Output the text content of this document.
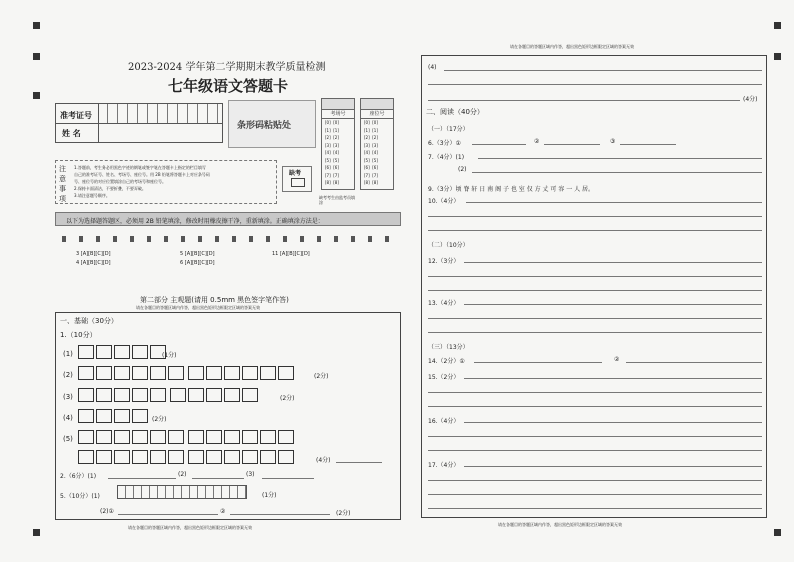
2023-2024 学年第二学期期末教学质量检测
七年级语文答题卡
准考证号
姓 名
条形码粘贴处
考场号
[0]  [0]
[1]  [1]
[2]  [2]
[3]  [3]
[4]  [4]
[5]  [5]
[6]  [6]
[7]  [7]
[8]  [8]
座位号
[0]  [0]
[1]  [1]
[2]  [2]
[3]  [3]
[4]  [4]
[5]  [5]
[6]  [6]
[7]  [7]
[8]  [8]
缺考
缺考考生由监考员填涂
注意事项
1.答题前，考生务必用黑色字迹的钢笔或签字笔在答题卡上指定的栏目填写
自己的准考证号、姓名、考场号、座位号。用 2B 铅笔将答题卡上对应条号码
号、座位号的对应位置填涂自己的考场号和座位号。
2.保持卡面清洁，不要折叠，不要弄破。
3.请注意题号顺序。
以下为选择题答题区，必须用 2B 铅笔填涂，修改时用橡皮擦干净，重新填涂。正确填涂方法是：
3 [A][B][C][D]
4 [A][B][C][D]
5 [A][B][C][D]
6 [A][B][C][D]
11 [A][B][C][D]
第二部分 主观题(请用 0.5mm 黑色签字笔作答)
请在各题目的答题区域内作答，超出黑色矩形边框限定区域的答案无效
一、基础（30分）
1.（10分）
(1)	(1分)
(2)
	(2分)
(3)
	(2分)
(4)	(2分)
(5)

(4分)
2.（6分）(1)	(2)	(3)
5.（10分）(1)	(1分)
(2)①	②	(2分)
请在各题目的答题区域内作答，超出黑色矩形边框限定区域的答案无效
请在各题目的答题区域内作答，超出黑色矩形边框限定区域的答案无效
(4)
(4分)
二、阅读（40分）
（一）（17分）
6.（3分）①	②	③
7.（4分）(1)
(2)
9.（3分）顷 脊 轩 日 南 阁 子 也 室 仅 方 丈 可 容 一 人 居。
10.（4分）
（二）（10分）
12.（3分）
13.（4分）
（三）（13分）
14.（2分）①	②
15.（2分）
16.（4分）
17.（4分）
请在各题目的答题区域内作答，超出黑色矩形边框限定区域的答案无效
